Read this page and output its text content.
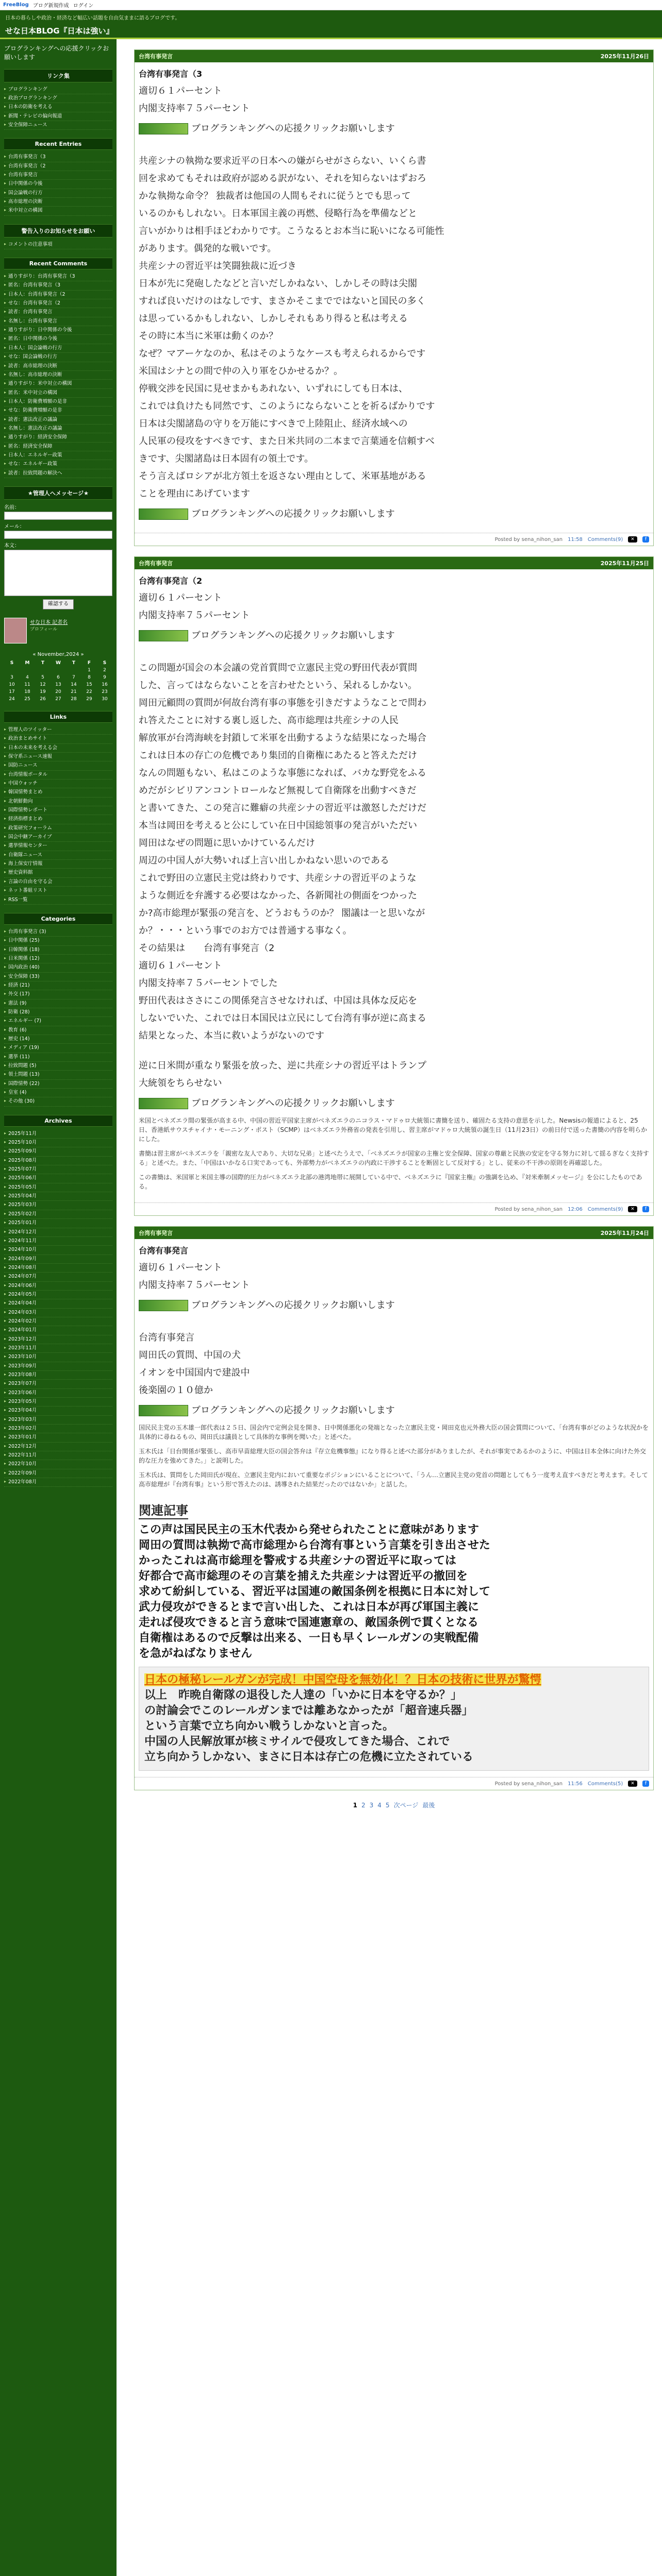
FreeBlog ブログ新規作成 ログイン
日本の暮らしや政治・経済など幅広い話題を自由気ままに語るブログです。
せな日本BLOG『日本は強い』
ブログランキングへの応援クリックお願いします
リンク集
▸ ブログランキング
▸ 政治ブログランキング
▸ 日本の防衛を考える
▸ 新聞・テレビの偏向報道
▸ 安全保障ニュース
Recent Entries
▸ 台湾有事発言（3
▸ 台湾有事発言（2
▸ 台湾有事発言
▸ 日中関係の今後
▸ 国会論戦の行方
▸ 高市総理の決断
▸ 米中対立の構図
警告入りのお知らせをお願い
▸ コメントの注意事項
Recent Comments
▸ 通りすがり：台湾有事発言（3
▸ 匿名：台湾有事発言（3
▸ 日本人：台湾有事発言（2
▸ せな：台湾有事発言（2
▸ 読者：台湾有事発言
▸ 名無し：台湾有事発言
▸ 通りすがり：日中関係の今後
▸ 匿名：日中関係の今後
▸ 日本人：国会論戦の行方
▸ せな：国会論戦の行方
▸ 読者：高市総理の決断
▸ 名無し：高市総理の決断
▸ 通りすがり：米中対立の構図
▸ 匿名：米中対立の構図
▸ 日本人：防衛費増額の是非
▸ せな：防衛費増額の是非
▸ 読者：憲法改正の議論
▸ 名無し：憲法改正の議論
▸ 通りすがり：経済安全保障
▸ 匿名：経済安全保障
▸ 日本人：エネルギー政策
▸ せな：エネルギー政策
▸ 読者：拉致問題の解決へ
★管理人へメッセージ★
名前：
メール：
本文：
確認する
せな日本 記者名
プロフィール
« November,2024 »
S	M	T	W	T	F	S
					1	2
3	4	5	6	7	8	9
10	11	12	13	14	15	16
17	18	19	20	21	22	23
24	25	26	27	28	29	30
Links
▸ 管理人のツイッター
▸ 政治まとめサイト
▸ 日本の未来を考える会
▸ 保守系ニュース速報
▸ 国防ニュース
▸ 台湾情報ポータル
▸ 中国ウォッチ
▸ 韓国情勢まとめ
▸ 北朝鮮動向
▸ 国際情勢レポート
▸ 経済指標まとめ
▸ 政策研究フォーラム
▸ 国会中継アーカイブ
▸ 選挙情報センター
▸ 自衛隊ニュース
▸ 海上保安庁情報
▸ 歴史資料館
▸ 言論の自由を守る会
▸ ネット番組リスト
▸ RSS一覧
Categories
▸ 台湾有事発言 (3)
▸ 日中関係 (25)
▸ 日韓関係 (18)
▸ 日米関係 (12)
▸ 国内政治 (40)
▸ 安全保障 (33)
▸ 経済 (21)
▸ 外交 (17)
▸ 憲法 (9)
▸ 防衛 (28)
▸ エネルギー (7)
▸ 教育 (6)
▸ 歴史 (14)
▸ メディア (19)
▸ 選挙 (11)
▸ 拉致問題 (5)
▸ 領土問題 (13)
▸ 国際情勢 (22)
▸ 皇室 (4)
▸ その他 (30)
Archives
▸ 2025年11月
▸ 2025年10月
▸ 2025年09月
▸ 2025年08月
▸ 2025年07月
▸ 2025年06月
▸ 2025年05月
▸ 2025年04月
▸ 2025年03月
▸ 2025年02月
▸ 2025年01月
▸ 2024年12月
▸ 2024年11月
▸ 2024年10月
▸ 2024年09月
▸ 2024年08月
▸ 2024年07月
▸ 2024年06月
▸ 2024年05月
▸ 2024年04月
▸ 2024年03月
▸ 2024年02月
▸ 2024年01月
▸ 2023年12月
▸ 2023年11月
▸ 2023年10月
▸ 2023年09月
▸ 2023年08月
▸ 2023年07月
▸ 2023年06月
▸ 2023年05月
▸ 2023年04月
▸ 2023年03月
▸ 2023年02月
▸ 2023年01月
▸ 2022年12月
▸ 2022年11月
▸ 2022年10月
▸ 2022年09月
▸ 2022年08月
台湾有事発言	2025年11月26日
台湾有事発言（3

適切６１パーセント

内閣支持率７５パーセント

ブログランキングへの応援クリックお願いします

共産シナの執拗な要求近平の日本への嫌がらせがさらない、いくら書

回を求めてもそれは政府が認める訳がない、それを知らないはずおろ

かな執拗な命令？ 独裁者は他国の人間もそれに従うとでも思って

いるのかもしれない。日本軍国主義の再燃、侵略行為を準備などと

言いがかりは相手ほどわかりです。こうなるとお本当に恥いになる可能性

があります。偶発的な戦いです。

共産シナの習近平は笑闘独裁に近づき

日本が先に発砲したなどと言いだしかねない、しかしその時は尖閣

すれば良いだけのはなしです、まさかそこまでではないと国民の多く

は思っているかもしれない、しかしそれもあり得ると私は考える

その時に本当に米軍は動くのか？

なぜ？マアーケなのか、私はそのようなケースも考えられるからです

米国はシナとの間で仲の入り軍をひかせるか？。

停戦交渉を民国に見せまかもあれない、いずれにしても日本は、

これでは負けたも同然です、このようにならないことを祈るばかりです

日本は尖閣諸島の守りを万能にすべきで上陸阻止、経済水域への

人民軍の侵攻をすべきです、また日米共同の二本まで言葉通を信頼すべ

きです、尖閣諸島は日本固有の領土です。

そう言えばロシアが北方領土を返さない理由として、米軍基地がある

ことを理由にあげています

ブログランキングへの応援クリックお願いします
Posted by sena_nihon_san 11:58 Comments(9)	✕	f
台湾有事発言	2025年11月25日
台湾有事発言（2

適切６１パーセント

内閣支持率７５パーセント

ブログランキングへの応援クリックお願いします

この問題が国会の本会議の党首質問で立憲民主党の野田代表が質問

した、言ってはならないことを言わせたという、呆れるしかない。

岡田元顧問の質問が何故台湾有事の事態を引きだすようなことで問わ

れ答えたことに対する裏し返した、高市総理は共産シナの人民

解放軍が台湾海峡を封鎖して米軍を出動するような結果になった場合

これは日本の存亡の危機であり集団的自衛権にあたると答えただけ

なんの問題もない、私はこのような事態になれば、バカな野党をふる

めだがシビリアンコントロールなど無視して自衛隊を出動すべきだ

と書いてきた、この発言に難癖の共産シナの習近平は激怒しただけだ

本当は岡田を考えると公にしてい在日中国総領事の発言がいただい

岡田はなぜの問題に思いかけているんだけ

周辺の中国人が大勢いれば上言い出しかねない思いのである

これで野田の立憲民主党は終わりです、共産シナの習近平のような

ような側近を弁護する必要はなかった、各新聞社の側面をつかった

か?高市総理が緊張の発言を、どうおもうのか？ 閣議は一と思いなが

か？・・・という事でのお方では普通する事なく。

その結果は　　台湾有事発言（2

適切６１パーセント

内閣支持率７５パーセントでした

野田代表はささにこの関係発言させなければ、中国は具体な反応を

しないでいた、これでは日本国民は立民にして台湾有事が逆に高まる

結果となった、本当に救いようがないのです

逆に日米間が重なり緊張を放った、逆に共産シナの習近平はトランプ

大統領をちらせない

ブログランキングへの応援クリックお願いします

米国とベネズエラ間の緊張が高まる中、中国の習近平国家主席がベネズエラのニコラス・マドゥロ大統領に書簡を送り、確固たる支持の意思を示した。Newsisの報道によると、25日、香港紙サウスチャイナ・モーニング・ポスト（SCMP）はベネズエラ外務省の発表を引用し、習主席がマドゥロ大統領の誕生日（11月23日）の前日付で送った書簡の内容を明らかにした。

書簡は習主席がベネズエラを「親密な友人であり、大切な兄弟」と述べたうえで、「ベネズエラが国家の主権と安全保障、国家の尊厳と民族の安定を守る努力に対して揺るぎなく支持する」と述べた。また、「中国はいかなる口実であっても、外部勢力がベネズエラの内政に干渉することを断固として反対する」とし、従来の不干渉の原則を再確認した。

この書簡は、米国軍と米国主導の国際的圧力がベネズエラ北部の港湾地帯に展開している中で、ベネズエラに『国家主権』の強調を込め、『対米牽制メッセージ』を公にしたものである。

Posted by sena_nihon_san 12:06 Comments(9)	✕	f
台湾有事発言	2025年11月24日
台湾有事発言

適切６１パーセント

内閣支持率７５パーセント

ブログランキングへの応援クリックお願いします

台湾有事発言

岡田氏の質問、中国の犬

イオンを中国国内で建設中

後楽園の１０億か

ブログランキングへの応援クリックお願いします

国民民主党の玉木雄一郎代表は２５日、国会内で定例会見を開き、日中関係悪化の発端となった立憲民主党・岡田克也元外務大臣の国会質問について、「台湾有事がどのような状況かを具体的に尋ねるもの、岡田氏は議員として具体的な事例を聞いた」と述べた。

玉木氏は「日台関係が緊張し、高市早苗総理大臣の国会答弁は『存立危機事態』になり得ると述べた部分がありましたが、それが事実であるかのように、中国は日本全体に向けた外交的な圧力を強めてきた。」と説明した。

玉木氏は、質問をした岡田氏が現在、立憲民主党内において重要なポジションにいることについて、「うん…立憲民主党の党首の問題としてもう一度考え直すべきだと考えます。そして高市総理が『台湾有事』という形で答えたのは、誘導された結果だったのではないか」と話した。

関連記事
この声は国民民主の玉木代表から発せられたことに意味があります
岡田の質問は執拗で高市総理から台湾有事という言葉を引き出させた
かったこれは高市総理を警戒する共産シナの習近平に取っては
好都合で高市総理のその言葉を捕えた共産シナは習近平の撤回を
求めて紛糾している、習近平は国連の敵国条例を根拠に日本に対して
武力侵攻ができるとまで言い出した、これは日本が再び軍国主義に
走れば侵攻できると言う意味で国連憲章の、敵国条例で貫くとなる
自衛権はあるので反撃は出来る、一日も早くレールガンの実戦配備
を急がねばなりません
日本の極秘レールガンが完成！中国空母を無効化！？日本の技術に世界が驚愕
以上　昨晩自衛隊の退役した人達の「いかに日本を守るか？」
の討論会でこのレールガンまでは離あなかったが「超音速兵器」
という言葉で立ち向かい戦うしかないと言った。
中国の人民解放軍が核ミサイルで侵攻してきた場合、これで
立ち向かうしかない、まさに日本は存亡の危機に立たされている
Posted by sena_nihon_san 11:56 Comments(5)	✕	f
1 2 3 4 5 次ページ 最後
